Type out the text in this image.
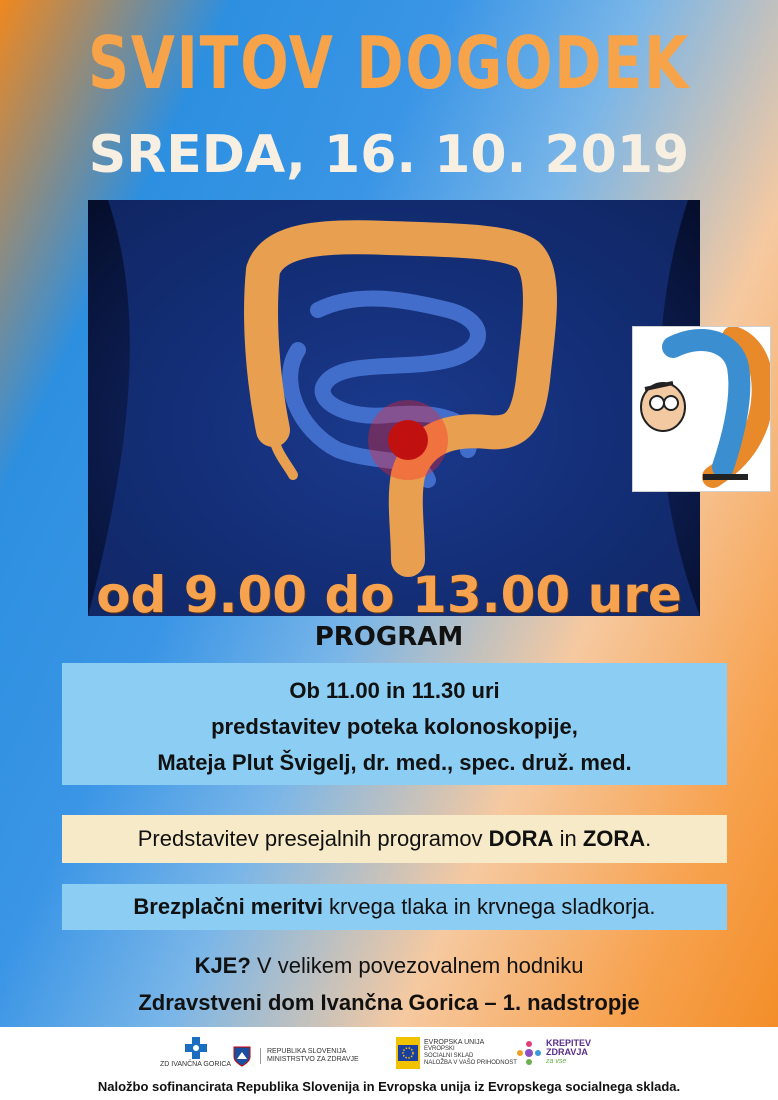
SVITOV DOGODEK
SREDA, 16. 10. 2019
od 9.00 do 13.00 ure
PROGRAM
Ob 11.00 in 11.30 uri
predstavitev poteka kolonoskopije,
Mateja Plut Švigelj, dr. med., spec. druž. med.
Predstavitev presejalnih programov DORA in ZORA.
Brezplačni meritvi krvega tlaka in krvnega sladkorja.
KJE? V velikem povezovalnem hodniku
Zdravstveni dom Ivančna Gorica – 1. nadstropje
ZD IVANČNA GORICA
REPUBLIKA SLOVENIJA
MINISTRSTVO ZA ZDRAVJE
EVROPSKA UNIJA
EVROPSKI
SOCIALNI SKLAD
NALOŽBA V VAŠO PRIHODNOST
KREPITEV
ZDRAVJA
za vse
Naložbo sofinancirata Republika Slovenija in Evropska unija iz Evropskega socialnega sklada.
